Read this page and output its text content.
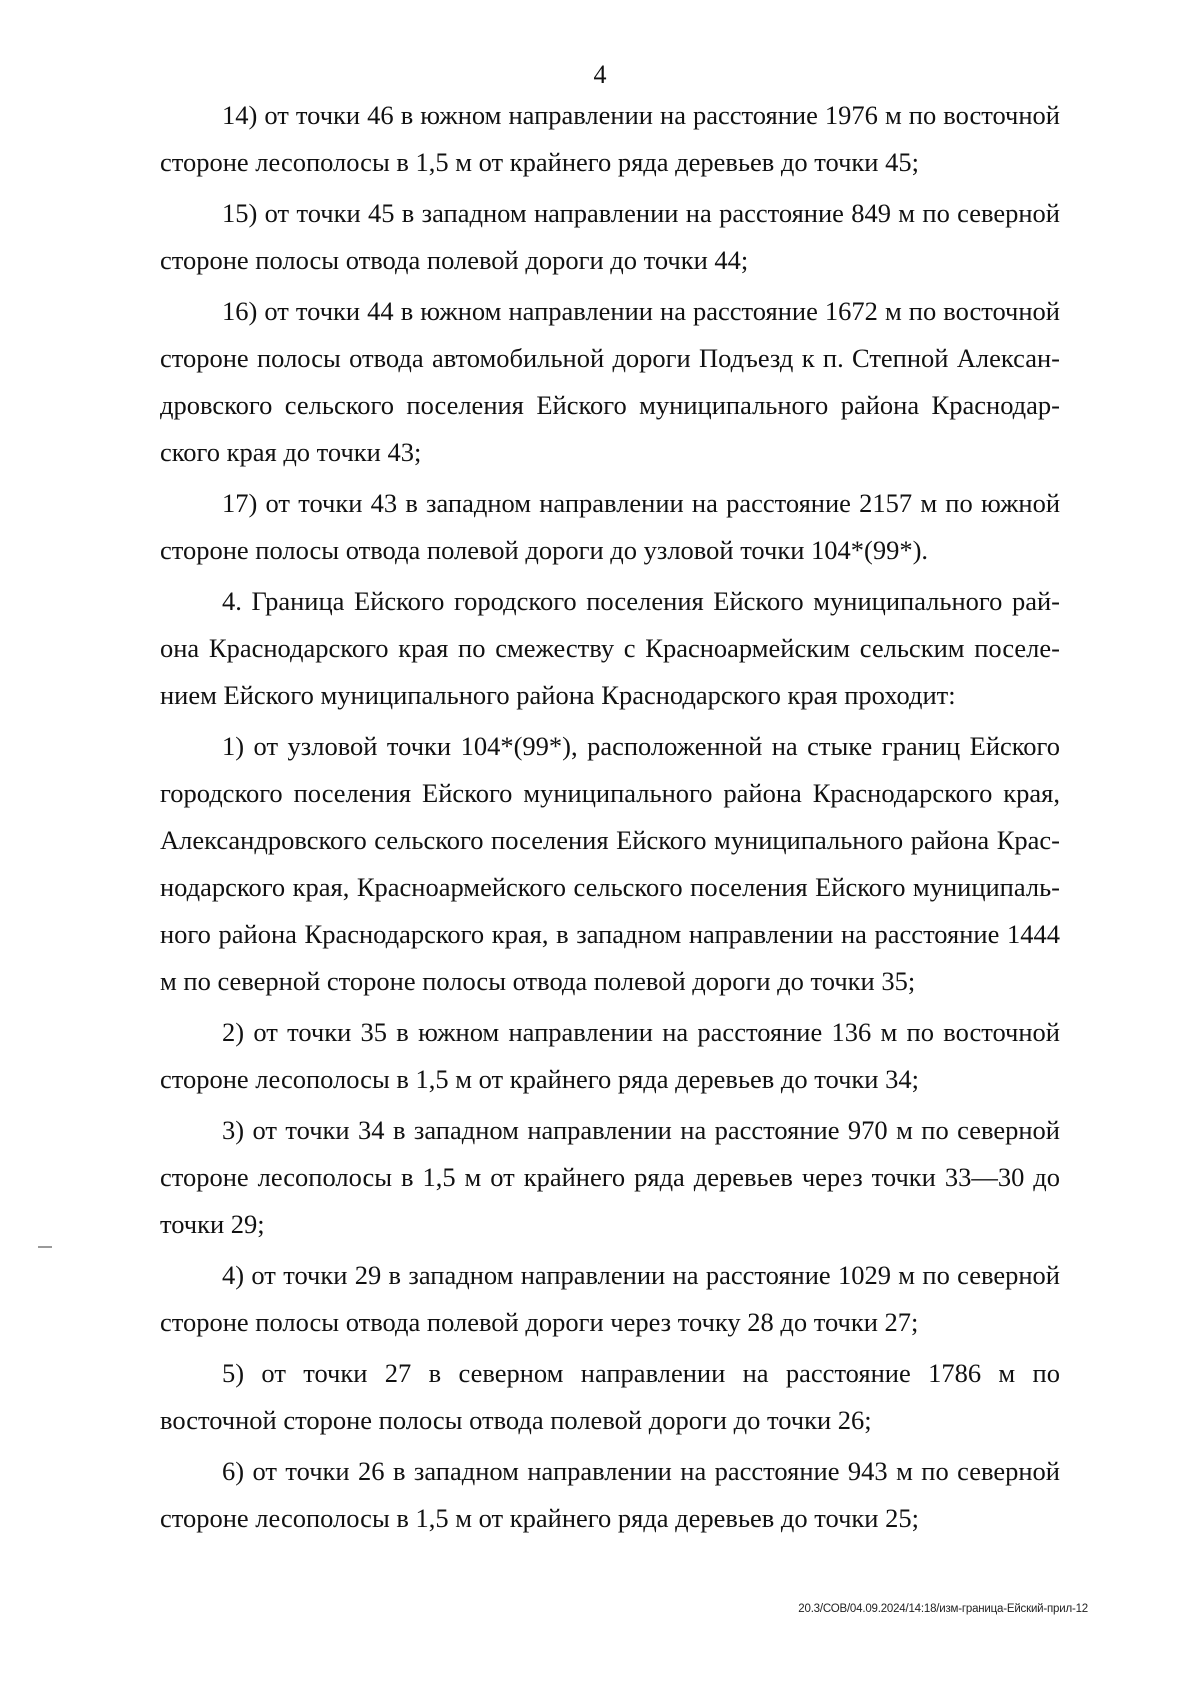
4

14) от точки 46 в южном направлении на расстояние 1976 м по восточной стороне лесополосы в 1,5 м от крайнего ряда деревьев до точки 45;

15) от точки 45 в западном направлении на расстояние 849 м по северной стороне полосы отвода полевой дороги до точки 44;

16) от точки 44 в южном направлении на расстояние 1672 м по восточной стороне полосы отвода автомобильной дороги Подъезд к п. Степной Александровского сельского поселения Ейского муниципального района Краснодарского края до точки 43;

17) от точки 43 в западном направлении на расстояние 2157 м по южной стороне полосы отвода полевой дороги до узловой точки 104*(99*).

4. Граница Ейского городского поселения Ейского муниципального района Краснодарского края по смежеству с Красноармейским сельским поселением Ейского муниципального района Краснодарского края проходит:

1) от узловой точки 104*(99*), расположенной на стыке границ Ейского городского поселения Ейского муниципального района Краснодарского края, Александровского сельского поселения Ейского муниципального района Краснодарского края, Красноармейского сельского поселения Ейского муниципального района Краснодарского края, в западном направлении на расстояние 1444 м по северной стороне полосы отвода полевой дороги до точки 35;

2) от точки 35 в южном направлении на расстояние 136 м по восточной стороне лесополосы в 1,5 м от крайнего ряда деревьев до точки 34;

3) от точки 34 в западном направлении на расстояние 970 м по северной стороне лесополосы в 1,5 м от крайнего ряда деревьев через точки 33—30 до точки 29;

4) от точки 29 в западном направлении на расстояние 1029 м по северной стороне полосы отвода полевой дороги через точку 28 до точки 27;

5) от точки 27 в северном направлении на расстояние 1786 м по восточной стороне полосы отвода полевой дороги до точки 26;

6) от точки 26 в западном направлении на расстояние 943 м по северной стороне лесополосы в 1,5 м от крайнего ряда деревьев до точки 25;

20.3/СОВ/04.09.2024/14:18/изм-граница-Ейский-прил-12
